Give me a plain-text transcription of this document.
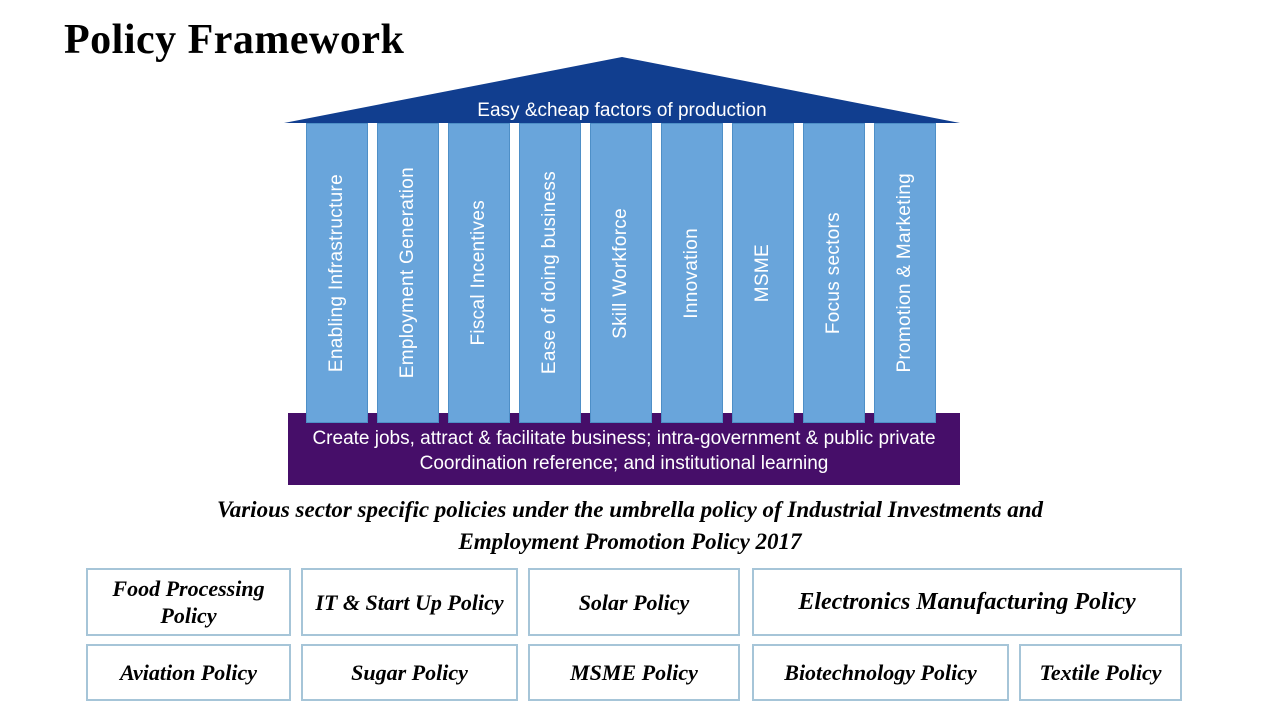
Policy Framework
Easy &cheap factors of production
Enabling Infrastructure	Employment Generation	Fiscal Incentives	Ease of doing business	Skill Workforce	Innovation	MSME	Focus sectors	Promotion & Marketing
Create jobs, attract & facilitate business; intra-government & public private
Coordination reference; and institutional learning
Various sector specific policies under the umbrella policy of Industrial Investments and
Employment Promotion Policy 2017
Food Processing Policy
IT & Start Up Policy	Solar Policy	Electronics Manufacturing Policy
Aviation Policy	Sugar Policy	MSME Policy	Biotechnology Policy	Textile Policy
